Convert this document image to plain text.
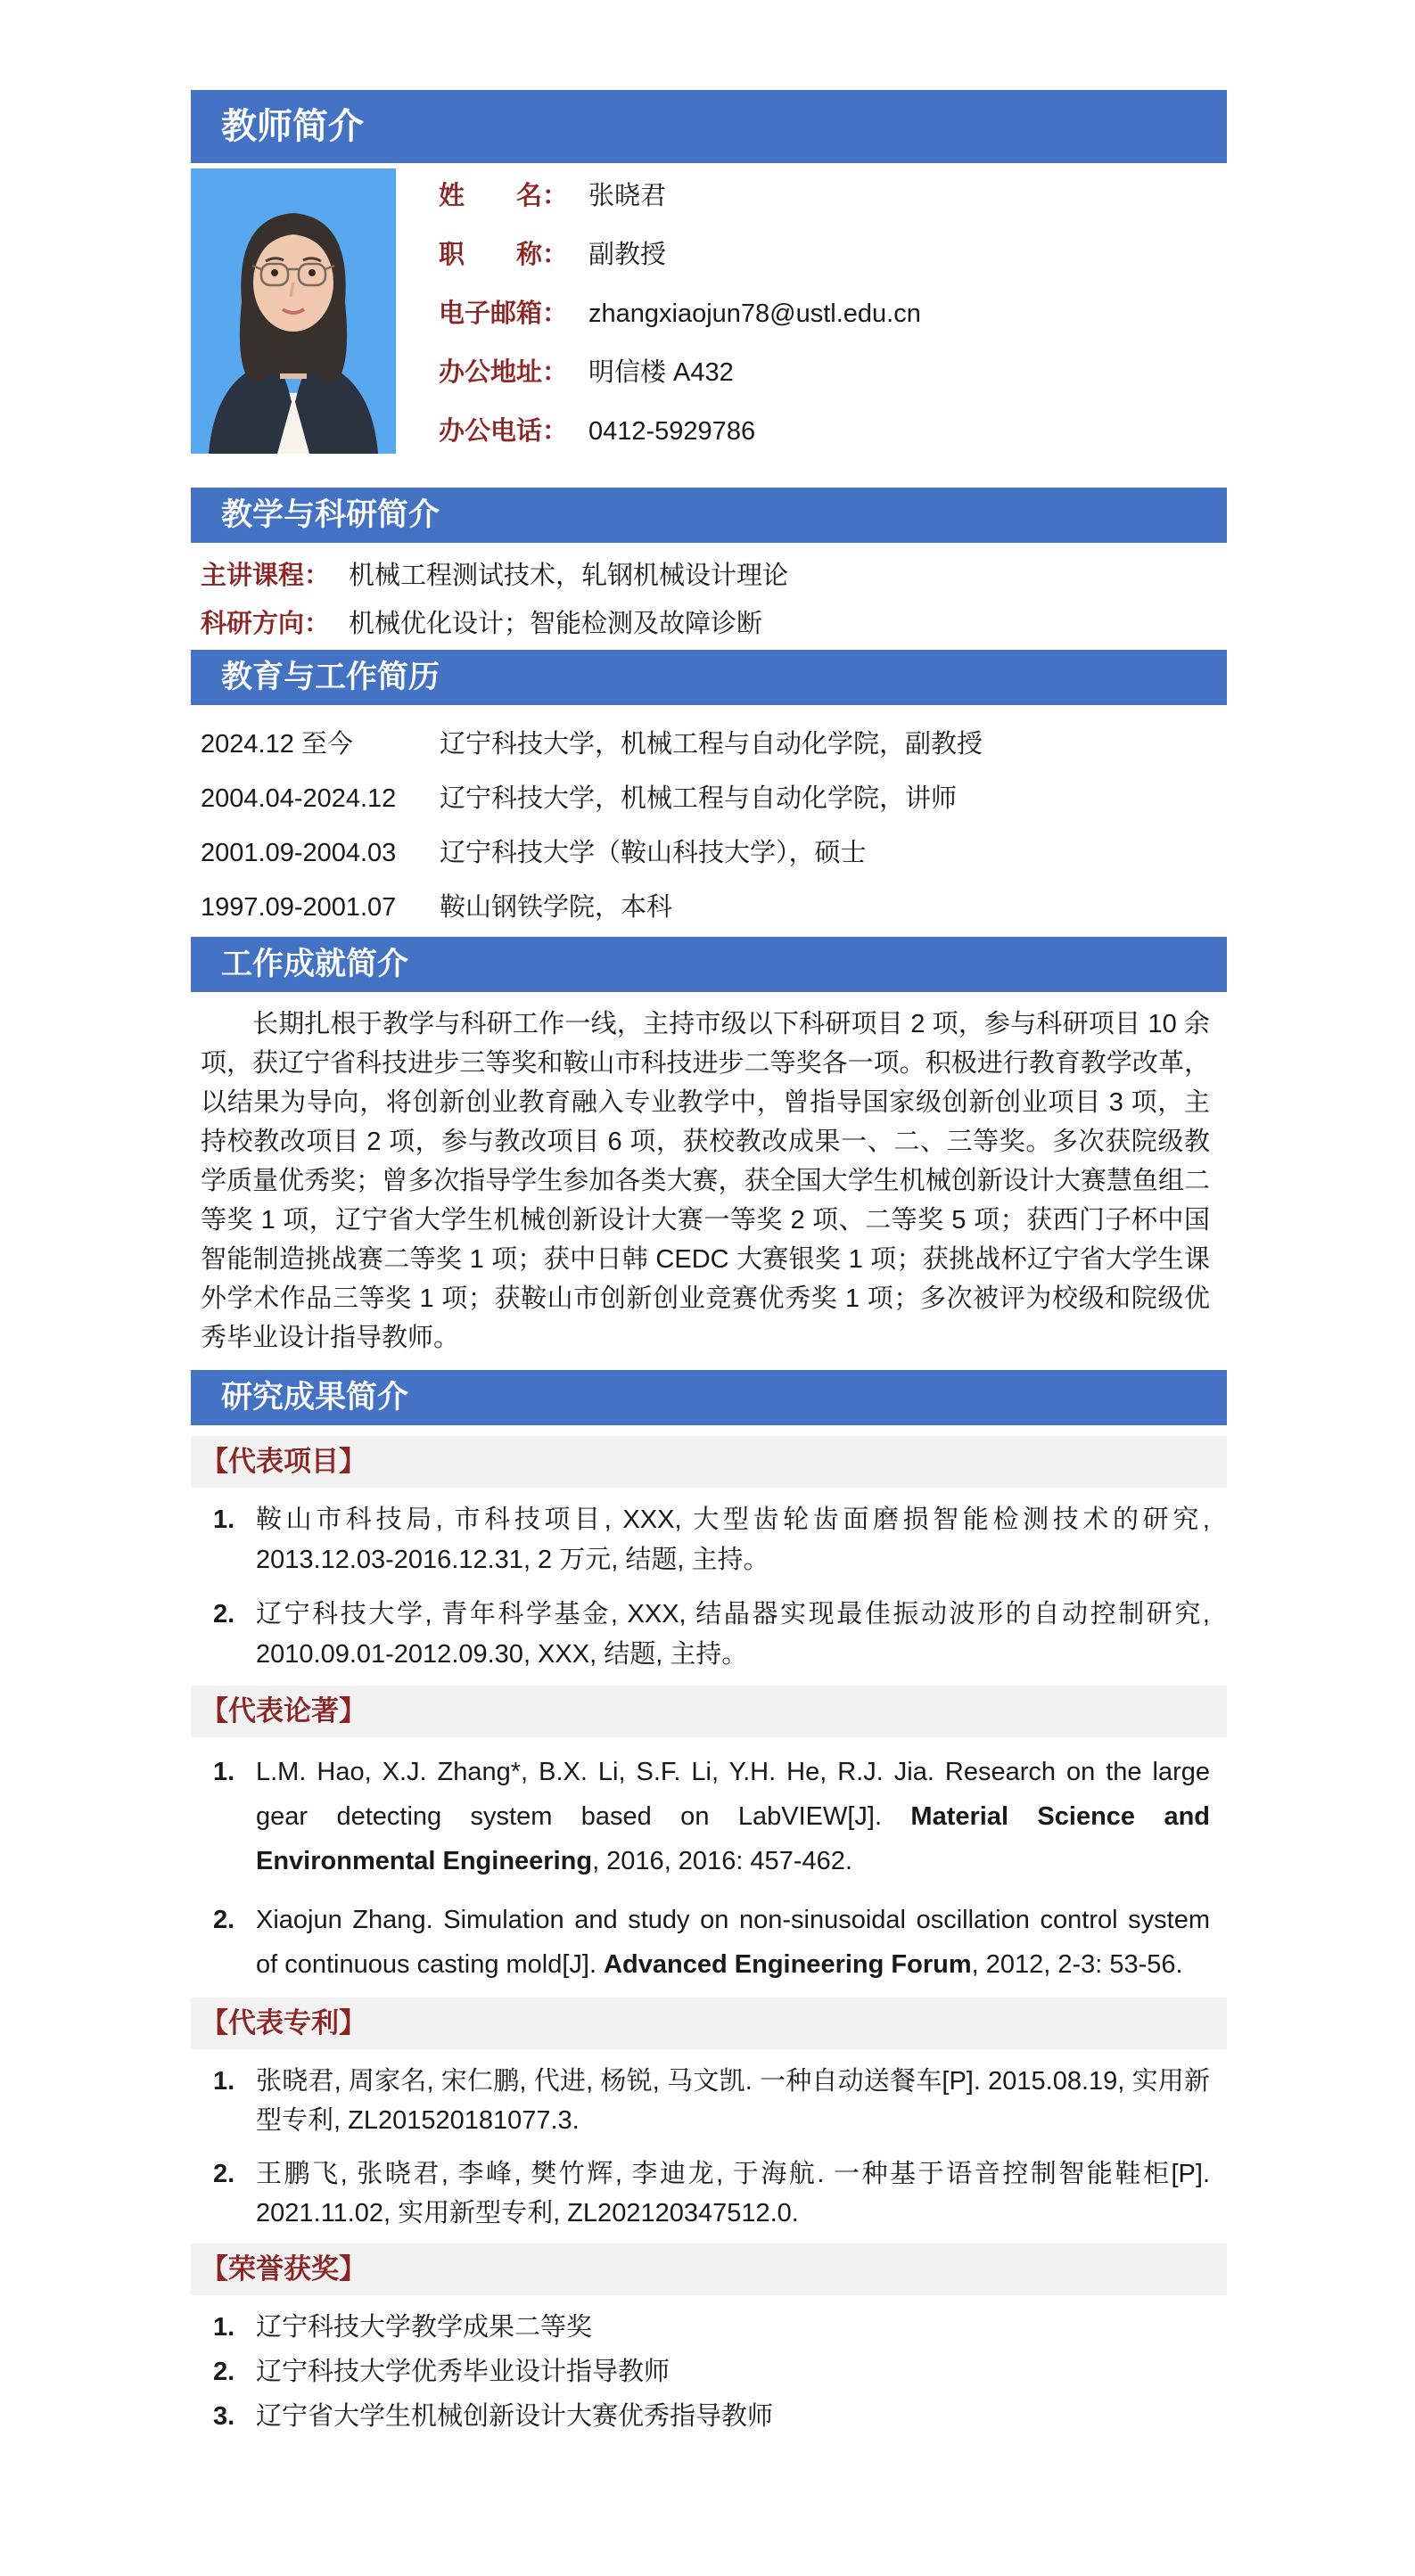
教师简介
姓　　名： 张晓君
职　　称： 副教授
电子邮箱： zhangxiaojun78@ustl.edu.cn
办公地址： 明信楼 A432
办公电话： 0412-5929786
教学与科研简介
主讲课程： 机械工程测试技术，轧钢机械设计理论
科研方向： 机械优化设计；智能检测及故障诊断
教育与工作简历
2024.12 至今	辽宁科技大学，机械工程与自动化学院，副教授
2004.04-2024.12	辽宁科技大学，机械工程与自动化学院，讲师
2001.09-2004.03	辽宁科技大学（鞍山科技大学），硕士
1997.09-2001.07	鞍山钢铁学院，本科
工作成就简介

长期扎根于教学与科研工作一线，主持市级以下科研项目 2 项，参与科研项目 10 余项，获辽宁省科技进步三等奖和鞍山市科技进步二等奖各一项。积极进行教育教学改革，以结果为导向，将创新创业教育融入专业教学中，曾指导国家级创新创业项目 3 项，主持校教改项目 2 项，参与教改项目 6 项，获校教改成果一、二、三等奖。多次获院级教学质量优秀奖；曾多次指导学生参加各类大赛，获全国大学生机械创新设计大赛慧鱼组二等奖 1 项，辽宁省大学生机械创新设计大赛一等奖 2 项、二等奖 5 项；获西门子杯中国智能制造挑战赛二等奖 1 项；获中日韩 CEDC 大赛银奖 1 项；获挑战杯辽宁省大学生课外学术作品三等奖 1 项；获鞍山市创新创业竞赛优秀奖 1 项；多次被评为校级和院级优秀毕业设计指导教师。

研究成果简介
【代表项目】
1. 鞍山市科技局, 市科技项目, XXX, 大型齿轮齿面磨损智能检测技术的研究, 2013.12.03-2016.12.31, 2 万元, 结题, 主持。
2. 辽宁科技大学, 青年科学基金, XXX, 结晶器实现最佳振动波形的自动控制研究, 2010.09.01-2012.09.30, XXX, 结题, 主持。
【代表论著】
1. L.M. Hao, X.J. Zhang*, B.X. Li, S.F. Li, Y.H. He, R.J. Jia. Research on the large gear detecting system based on LabVIEW[J]. Material Science and Environmental Engineering, 2016, 2016: 457-462.
2. Xiaojun Zhang. Simulation and study on non-sinusoidal oscillation control system of continuous casting mold[J]. Advanced Engineering Forum, 2012, 2-3: 53-56.
【代表专利】
1. 张晓君, 周家名, 宋仁鹏, 代进, 杨锐, 马文凯. 一种自动送餐车[P]. 2015.08.19, 实用新型专利, ZL201520181077.3.
2. 王鹏飞, 张晓君, 李峰, 樊竹辉, 李迪龙, 于海航. 一种基于语音控制智能鞋柜[P]. 2021.11.02, 实用新型专利, ZL202120347512.0.
【荣誉获奖】
1. 辽宁科技大学教学成果二等奖
2. 辽宁科技大学优秀毕业设计指导教师
3. 辽宁省大学生机械创新设计大赛优秀指导教师
